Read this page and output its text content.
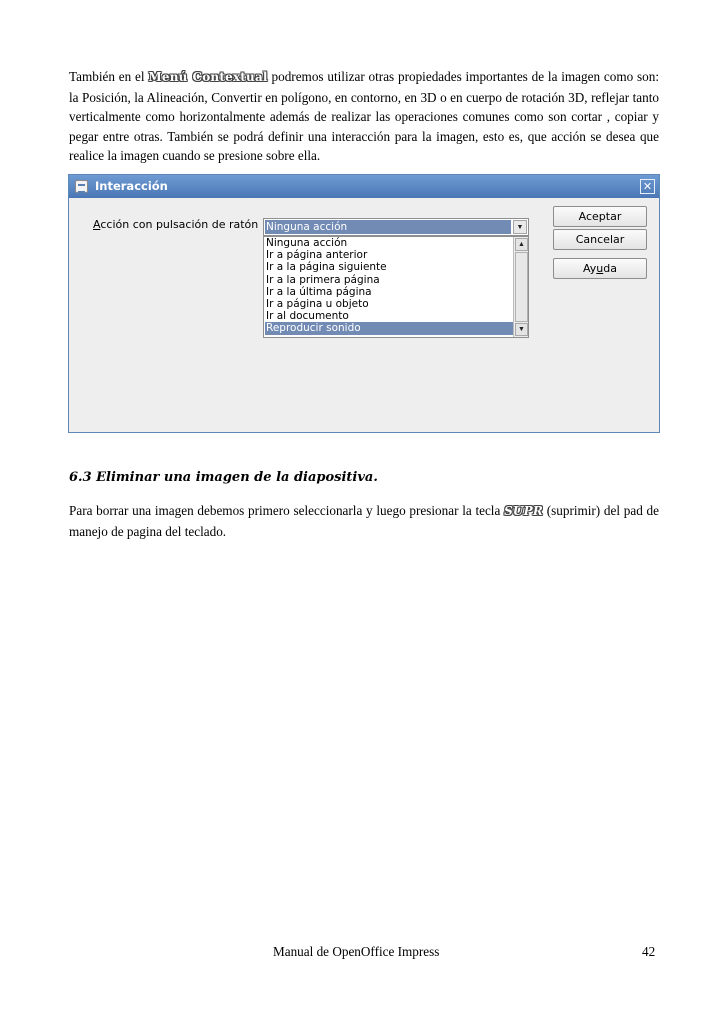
También en el Menú Contextual podremos utilizar otras propiedades importantes de la imagen como son: la Posición, la Alineación, Convertir en polígono, en contorno, en 3D o en cuerpo de rotación 3D, reflejar tanto verticalmente como horizontalmente además de realizar las operaciones comunes como son cortar , copiar y pegar entre otras. También se podrá definir una interacción para la imagen, esto es, que acción se desea que realice la imagen cuando se presione sobre ella.
Interacción	✕
Acción con pulsación de ratón Ninguna acción	▼
Ninguna acción
Ir a página anterior
Ir a la página siguiente
Ir a la primera página
Ir a la última página
Ir a página u objeto
Ir al documento
Reproducir sonido
▲
▼
Aceptar
Cancelar
Ayuda
6.3 Eliminar una imagen de la diapositiva.
Para borrar una imagen debemos primero seleccionarla y luego presionar la tecla SUPR (suprimir) del pad de manejo de pagina del teclado.
Manual de OpenOffice Impress	42
